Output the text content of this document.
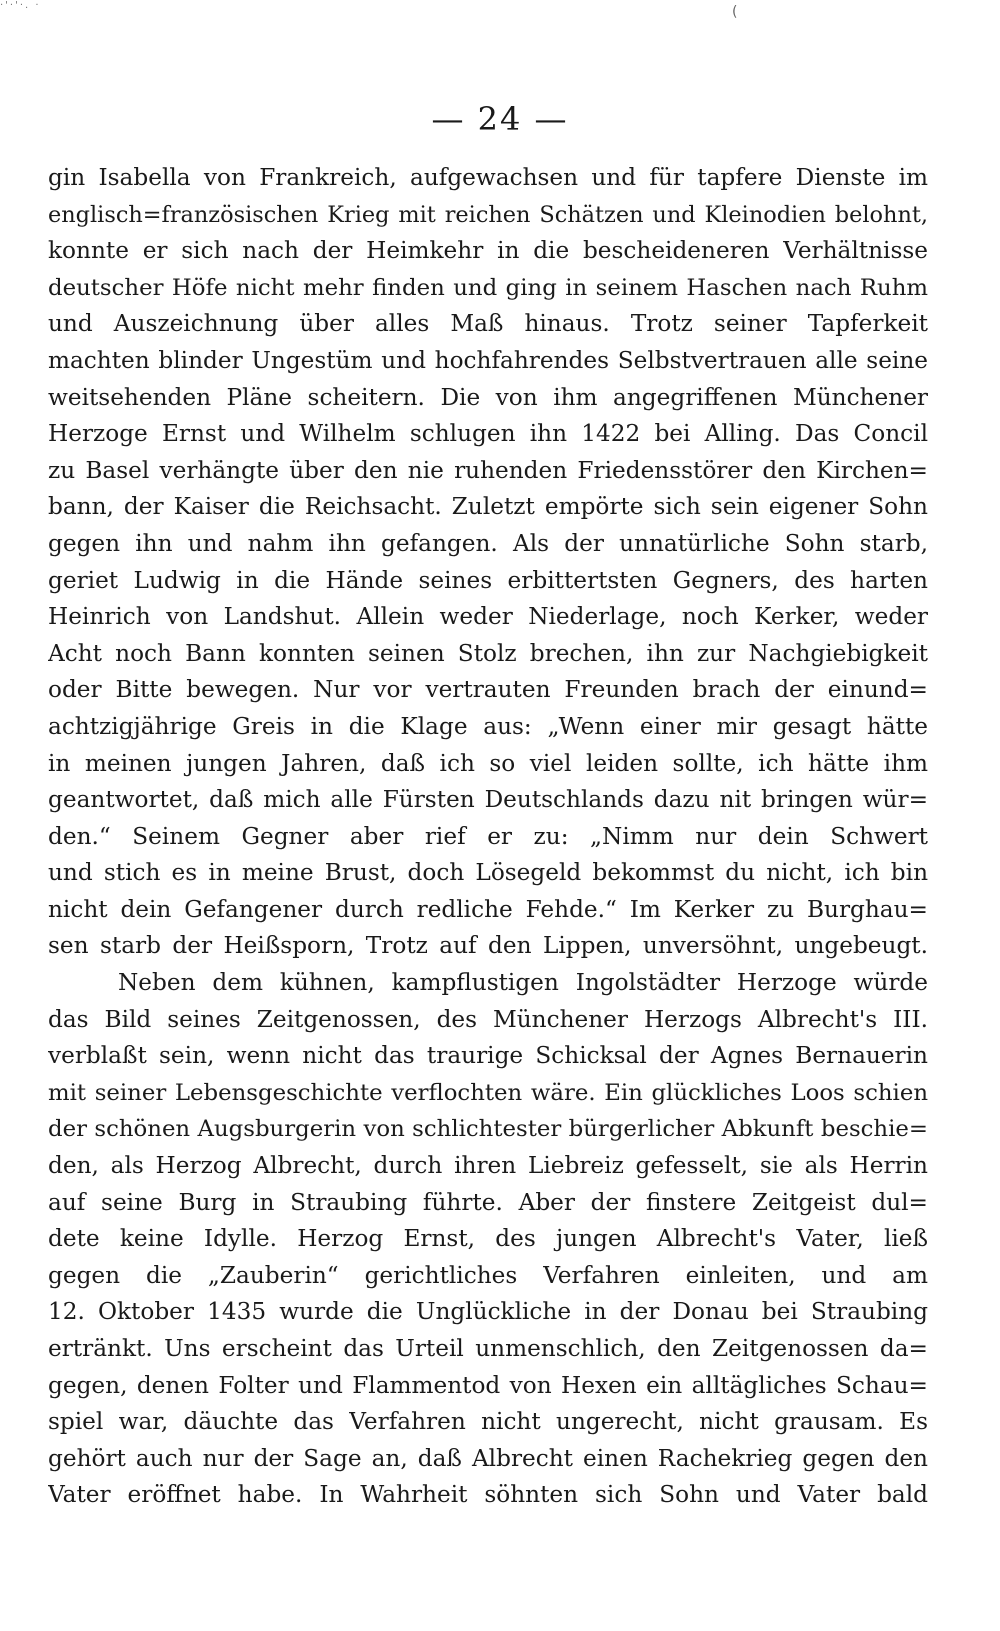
·'·'·. ·	(
— 24 —
gin Isabella von Frankreich, aufgewachsen und für tapfere Dienste im
englisch=französischen Krieg mit reichen Schätzen und Kleinodien belohnt,
konnte er sich nach der Heimkehr in die bescheideneren Verhältnisse
deutscher Höfe nicht mehr finden und ging in seinem Haschen nach Ruhm
und Auszeichnung über alles Maß hinaus. Trotz seiner Tapferkeit
machten blinder Ungestüm und hochfahrendes Selbstvertrauen alle seine
weitsehenden Pläne scheitern. Die von ihm angegriffenen Münchener
Herzoge Ernst und Wilhelm schlugen ihn 1422 bei Alling. Das Concil
zu Basel verhängte über den nie ruhenden Friedensstörer den Kirchen=
bann, der Kaiser die Reichsacht. Zuletzt empörte sich sein eigener Sohn
gegen ihn und nahm ihn gefangen. Als der unnatürliche Sohn starb,
geriet Ludwig in die Hände seines erbittertsten Gegners, des harten
Heinrich von Landshut. Allein weder Niederlage, noch Kerker, weder
Acht noch Bann konnten seinen Stolz brechen, ihn zur Nachgiebigkeit
oder Bitte bewegen. Nur vor vertrauten Freunden brach der einund=
achtzigjährige Greis in die Klage aus: „Wenn einer mir gesagt hätte
in meinen jungen Jahren, daß ich so viel leiden sollte, ich hätte ihm
geantwortet, daß mich alle Fürsten Deutschlands dazu nit bringen wür=
den.“ Seinem Gegner aber rief er zu: „Nimm nur dein Schwert
und stich es in meine Brust, doch Lösegeld bekommst du nicht, ich bin
nicht dein Gefangener durch redliche Fehde.“ Im Kerker zu Burghau=
sen starb der Heißsporn, Trotz auf den Lippen, unversöhnt, ungebeugt.
Neben dem kühnen, kampflustigen Ingolstädter Herzoge würde
das Bild seines Zeitgenossen, des Münchener Herzogs Albrecht's III.
verblaßt sein, wenn nicht das traurige Schicksal der Agnes Bernauerin
mit seiner Lebensgeschichte verflochten wäre. Ein glückliches Loos schien
der schönen Augsburgerin von schlichtester bürgerlicher Abkunft beschie=
den, als Herzog Albrecht, durch ihren Liebreiz gefesselt, sie als Herrin
auf seine Burg in Straubing führte. Aber der finstere Zeitgeist dul=
dete keine Idylle. Herzog Ernst, des jungen Albrecht's Vater, ließ
gegen die „Zauberin“ gerichtliches Verfahren einleiten, und am
12. Oktober 1435 wurde die Unglückliche in der Donau bei Straubing
ertränkt. Uns erscheint das Urteil unmenschlich, den Zeitgenossen da=
gegen, denen Folter und Flammentod von Hexen ein alltägliches Schau=
spiel war, däuchte das Verfahren nicht ungerecht, nicht grausam. Es
gehört auch nur der Sage an, daß Albrecht einen Rachekrieg gegen den
Vater eröffnet habe. In Wahrheit söhnten sich Sohn und Vater bald
